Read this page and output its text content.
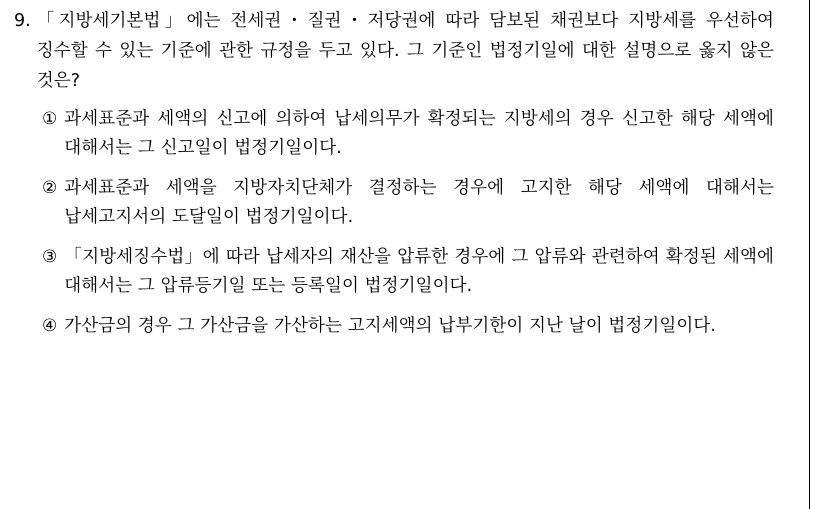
9. 「지방세기본법」에는 전세권・질권・저당권에 따라 담보된 채권보다 지방세를 우선하여 징수할 수 있는 기준에 관한 규정을 두고 있다. 그 기준인 법정기일에 대한 설명으로 옳지 않은 것은?
① 과세표준과 세액의 신고에 의하여 납세의무가 확정되는 지방세의 경우 신고한 해당 세액에 대해서는 그 신고일이 법정기일이다.
② 과세표준과 세액을 지방자치단체가 결정하는 경우에 고지한 해당 세액에 대해서는 납세고지서의 도달일이 법정기일이다.
③ 「지방세징수법」에 따라 납세자의 재산을 압류한 경우에 그 압류와 관련하여 확정된 세액에 대해서는 그 압류등기일 또는 등록일이 법정기일이다.
④ 가산금의 경우 그 가산금을 가산하는 고지세액의 납부기한이 지난 날이 법정기일이다.
